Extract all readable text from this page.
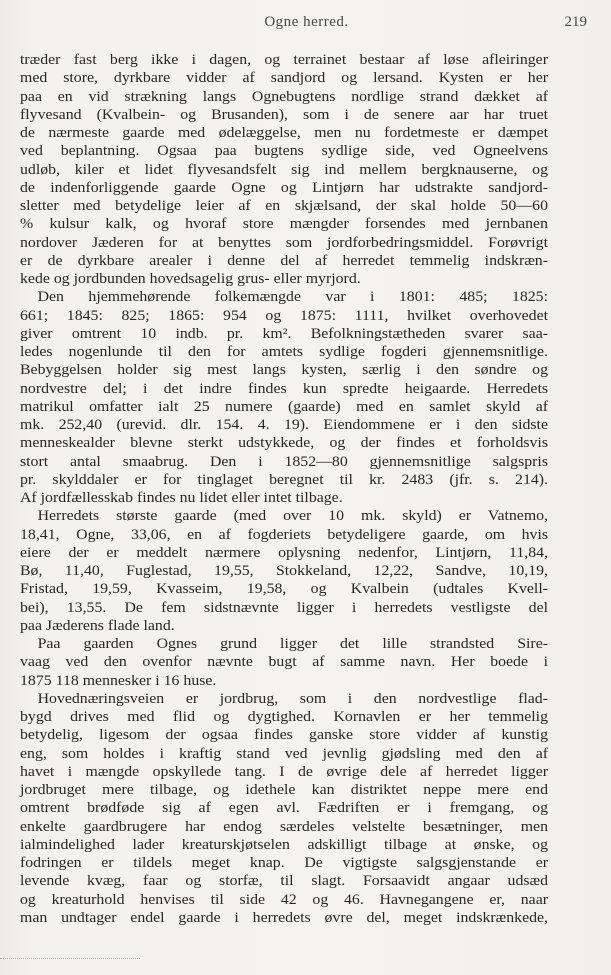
Ogne herred.	219
træder fast berg ikke i dagen, og terrainet bestaar af løse afleiringer
med store, dyrkbare vidder af sandjord og lersand. Kysten er her
paa en vid strækning langs Ognebugtens nordlige strand dækket af
flyvesand (Kvalbein- og Brusanden), som i de senere aar har truet
de nærmeste gaarde med ødelæggelse, men nu fordetmeste er dæmpet
ved beplantning. Ogsaa paa bugtens sydlige side, ved Ogneelvens
udløb, kiler et lidet flyvesandsfelt sig ind mellem bergknauserne, og
de indenforliggende gaarde Ogne og Lintjørn har udstrakte sandjord-
sletter med betydelige leier af en skjælsand, der skal holde 50—60
% kulsur kalk, og hvoraf store mængder forsendes med jernbanen
nordover Jæderen for at benyttes som jordforbedringsmiddel. Forøvrigt
er de dyrkbare arealer i denne del af herredet temmelig indskræn-
kede og jordbunden hovedsagelig grus- eller myrjord.
Den hjemmehørende folkemængde var i 1801: 485; 1825:
661; 1845: 825; 1865: 954 og 1875: 1111, hvilket overhovedet
giver omtrent 10 indb. pr. km². Befolkningstætheden svarer saa-
ledes nogenlunde til den for amtets sydlige fogderi gjennemsnitlige.
Bebyggelsen holder sig mest langs kysten, særlig i den søndre og
nordvestre del; i det indre findes kun spredte heigaarde. Herredets
matrikul omfatter ialt 25 numere (gaarde) med en samlet skyld af
mk. 252,40 (urevid. dlr. 154. 4. 19). Eiendommene er i den sidste
menneskealder blevne sterkt udstykkede, og der findes et forholdsvis
stort antal smaabrug. Den i 1852—80 gjennemsnitlige salgspris
pr. skylddaler er for tinglaget beregnet til kr. 2483 (jfr. s. 214).
Af jordfællesskab findes nu lidet eller intet tilbage.
Herredets største gaarde (med over 10 mk. skyld) er Vatnemo,
18,41, Ogne, 33,06, en af fogderiets betydeligere gaarde, om hvis
eiere der er meddelt nærmere oplysning nedenfor, Lintjørn, 11,84,
Bø, 11,40, Fuglestad, 19,55, Stokkeland, 12,22, Sandve, 10,19,
Fristad, 19,59, Kvasseim, 19,58, og Kvalbein (udtales Kvell-
bei), 13,55. De fem sidstnævnte ligger i herredets vestligste del
paa Jæderens flade land.
Paa gaarden Ognes grund ligger det lille strandsted Sire-
vaag ved den ovenfor nævnte bugt af samme navn. Her boede i
1875 118 mennesker i 16 huse.
Hovednæringsveien er jordbrug, som i den nordvestlige flad-
bygd drives med flid og dygtighed. Kornavlen er her temmelig
betydelig, ligesom der ogsaa findes ganske store vidder af kunstig
eng, som holdes i kraftig stand ved jevnlig gjødsling med den af
havet i mængde opskyllede tang. I de øvrige dele af herredet ligger
jordbruget mere tilbage, og idethele kan distriktet neppe mere end
omtrent brødføde sig af egen avl. Fædriften er i fremgang, og
enkelte gaardbrugere har endog særdeles velstelte besætninger, men
ialmindelighed lader kreaturskjøtselen adskilligt tilbage at ønske, og
fodringen er tildels meget knap. De vigtigste salgsgjenstande er
levende kvæg, faar og storfæ, til slagt. Forsaavidt angaar udsæd
og kreaturhold henvises til side 42 og 46. Havnegangene er, naar
man undtager endel gaarde i herredets øvre del, meget indskrænkede,
